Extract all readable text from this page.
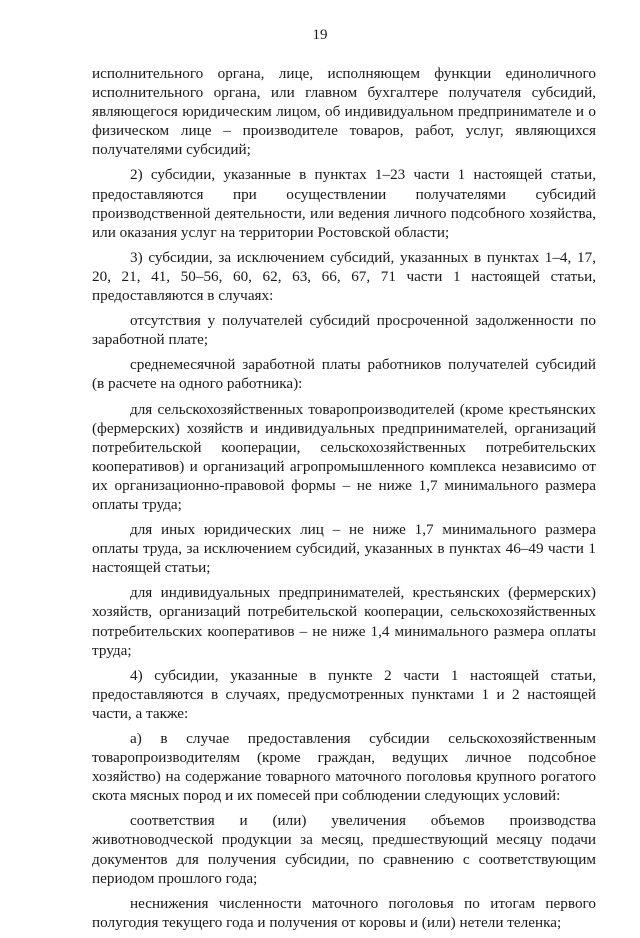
19

исполнительного органа, лице, исполняющем функции единоличного исполнительного органа, или главном бухгалтере получателя субсидий, являющегося юридическим лицом, об индивидуальном предпринимателе и о физическом лице – производителе товаров, работ, услуг, являющихся получателями субсидий;

2) субсидии, указанные в пунктах 1–23 части 1 настоящей статьи, предоставляются при осуществлении получателями субсидий производственной деятельности, или ведения личного подсобного хозяйства, или оказания услуг на территории Ростовской области;

3) субсидии, за исключением субсидий, указанных в пунктах 1–4, 17, 20, 21, 41, 50–56, 60, 62, 63, 66, 67, 71 части 1 настоящей статьи, предоставляются в случаях:

отсутствия у получателей субсидий просроченной задолженности по заработной плате;

среднемесячной заработной платы работников получателей субсидий (в расчете на одного работника):

для сельскохозяйственных товаропроизводителей (кроме крестьянских (фермерских) хозяйств и индивидуальных предпринимателей, организаций потребительской кооперации, сельскохозяйственных потребительских кооперативов) и организаций агропромышленного комплекса независимо от их организационно-правовой формы – не ниже 1,7 минимального размера оплаты труда;

для иных юридических лиц – не ниже 1,7 минимального размера оплаты труда, за исключением субсидий, указанных в пунктах 46–49 части 1 настоящей статьи;

для индивидуальных предпринимателей, крестьянских (фермерских) хозяйств, организаций потребительской кооперации, сельскохозяйственных потребительских кооперативов – не ниже 1,4 минимального размера оплаты труда;

4) субсидии, указанные в пункте 2 части 1 настоящей статьи, предоставляются в случаях, предусмотренных пунктами 1 и 2 настоящей части, а также:

а) в случае предоставления субсидии сельскохозяйственным товаропроизводителям (кроме граждан, ведущих личное подсобное хозяйство) на содержание товарного маточного поголовья крупного рогатого скота мясных пород и их помесей при соблюдении следующих условий:

соответствия и (или) увеличения объемов производства животноводческой продукции за месяц, предшествующий месяцу подачи документов для получения субсидии, по сравнению с соответствующим периодом прошлого года;

неснижения численности маточного поголовья по итогам первого полугодия текущего года и получения от коровы и (или) нетели теленка;
